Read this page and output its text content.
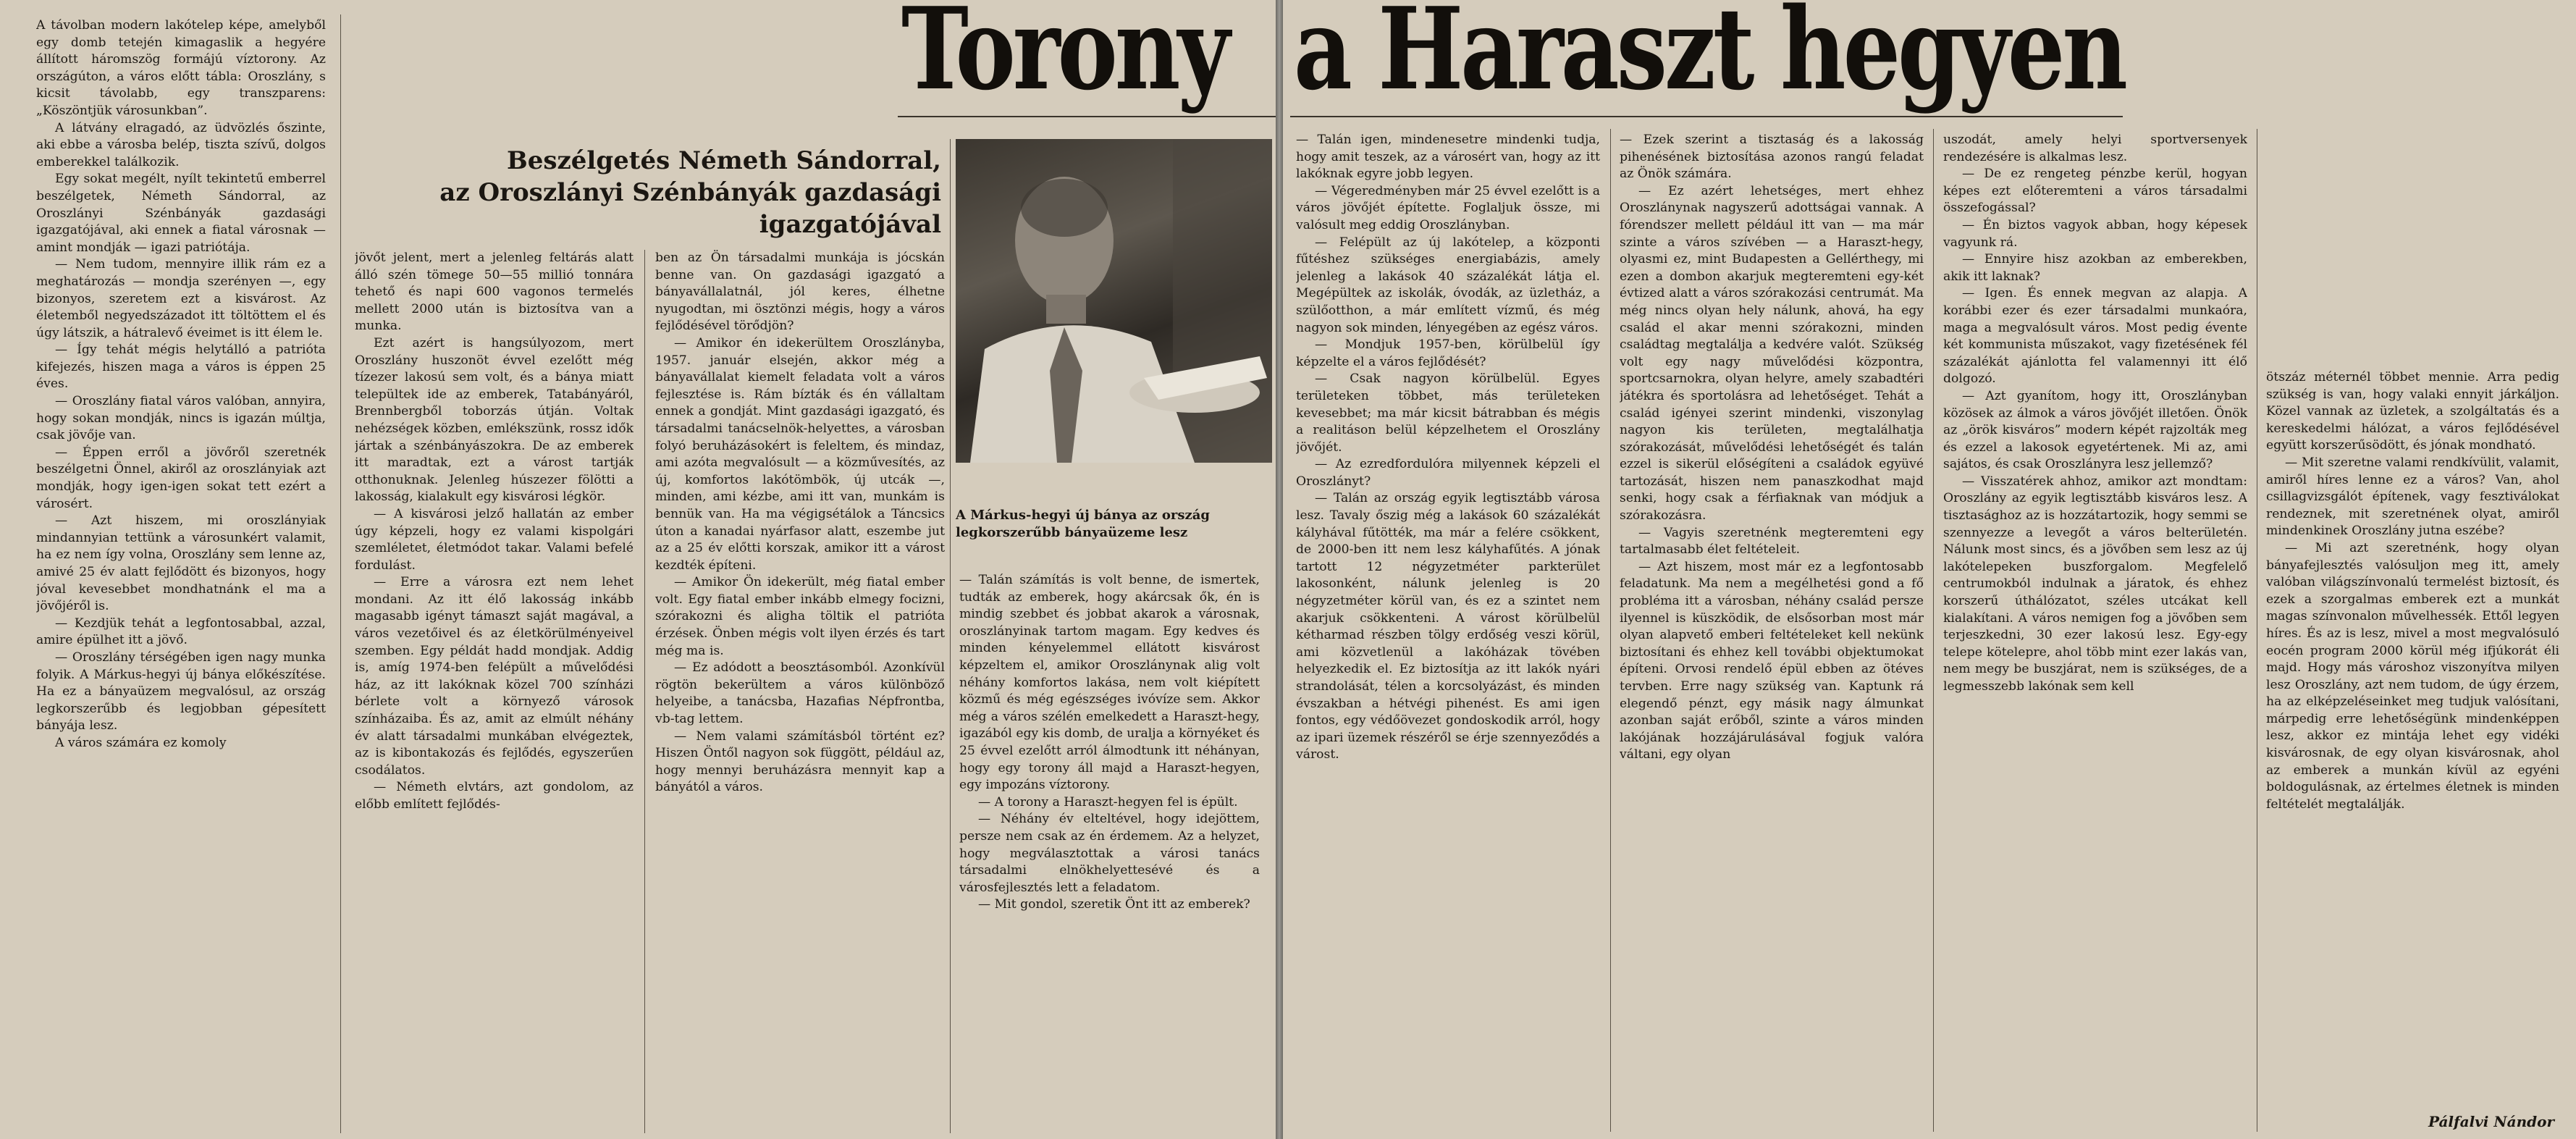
Torony

A távolban modern lakótelep képe, amelyből egy domb tetején kimagaslik a hegyére állított háromszög formájú víztorony. Az országúton, a város előtt tábla: Oroszlány, s kicsit távolabb, egy transzparens: „Köszöntjük városunkban”.

A látvány elragadó, az üdvözlés őszinte, aki ebbe a városba belép, tiszta szívű, dolgos emberekkel találkozik.

Egy sokat megélt, nyílt tekintetű emberrel beszélgetek, Németh Sándorral, az Oroszlányi Szénbányák gazdasági igazgatójával, aki ennek a fiatal városnak — amint mondják — igazi patriótája.

— Nem tudom, mennyire illik rám ez a meghatározás — mondja szerényen —, egy bizonyos, szeretem ezt a kisvárost. Az életemből negyedszázadot itt töltöttem el és úgy látszik, a hátralevő éveimet is itt élem le.

— Így tehát mégis helytálló a patrióta kifejezés, hiszen maga a város is éppen 25 éves.

— Oroszlány fiatal város valóban, annyira, hogy sokan mondják, nincs is igazán múltja, csak jövője van.

— Éppen erről a jövőről szeretnék beszélgetni Önnel, akiről az oroszlányiak azt mondják, hogy igen-igen sokat tett ezért a városért.

— Azt hiszem, mi oroszlányiak mindannyian tettünk a városunkért valamit, ha ez nem így volna, Oroszlány sem lenne az, amivé 25 év alatt fejlődött és bizonyos, hogy jóval kevesebbet mondhatnánk el ma a jövőjéről is.

— Kezdjük tehát a legfontosabbal, azzal, amire épülhet itt a jövő.

— Oroszlány térségében igen nagy munka folyik. A Márkus-hegyi új bánya előkészítése. Ha ez a bányaüzem megvalósul, az ország legkorszerűbb és legjobban gépesített bányája lesz.

A város számára ez komoly

Beszélgetés Németh Sándorral,
az Oroszlányi Szénbányák gazdasági igazgatójával

jövőt jelent, mert a jelenleg feltárás alatt álló szén tömege 50—55 millió tonnára tehető és napi 600 vagonos termelés mellett 2000 után is biztosítva van a munka.

Ezt azért is hangsúlyozom, mert Oroszlány huszonöt évvel ezelőtt még tízezer lakosú sem volt, és a bánya miatt települtek ide az emberek, Tatabányáról, Brennbergből toborzás útján. Voltak nehézségek közben, emlékszünk, rossz idők jártak a szénbányászokra. De az emberek itt maradtak, ezt a várost tartják otthonuknak. Jelenleg húszezer fölötti a lakosság, kialakult egy kisvárosi légkör.

— A kisvárosi jelző hallatán az ember úgy képzeli, hogy ez valami kispolgári szemléletet, életmódot takar. Valami befelé fordulást.

— Erre a városra ezt nem lehet mondani. Az itt élő lakosság inkább magasabb igényt támaszt saját magával, a város vezetőivel és az életkörülményeivel szemben. Egy példát hadd mondjak. Addig is, amíg 1974-ben felépült a művelődési ház, az itt lakóknak közel 700 színházi bérlete volt a környező városok színházaiba. És az, amit az elmúlt néhány év alatt társadalmi munkában elvégeztek, az is kibontakozás és fejlődés, egyszerűen csodálatos.

— Németh elvtárs, azt gondolom, az előbb említett fejlődés-

ben az Ön társadalmi munkája is jócskán benne van. On gazdasági igazgató a bányavállalatnál, jól keres, élhetne nyugodtan, mi ösztönzi mégis, hogy a város fejlődésével törődjön?

— Amikor én idekerültem Oroszlányba, 1957. január elsején, akkor még a bányavállalat kiemelt feladata volt a város fejlesztése is. Rám bízták és én vállaltam ennek a gondját. Mint gazdasági igazgató, és társadalmi tanácselnök-helyettes, a városban folyó beruházásokért is feleltem, és mindaz, ami azóta megvalósult — a közművesítés, az új, komfortos lakótömbök, új utcák —, minden, ami kézbe, ami itt van, munkám is bennük van. Ha ma végigsétálok a Táncsics úton a kanadai nyárfasor alatt, eszembe jut az a 25 év előtti korszak, amikor itt a várost kezdték építeni.

— Amikor Ön idekerült, még fiatal ember volt. Egy fiatal ember inkább elmegy focizni, szórakozni és aligha töltik el patrióta érzések. Önben mégis volt ilyen érzés és tart még ma is.

— Ez adódott a beosztásomból. Azonkívül rögtön bekerültem a város különböző helyeibe, a tanácsba, Hazafias Népfrontba, vb-tag lettem.

— Nem valami számításból történt ez? Hiszen Öntől nagyon sok függött, például az, hogy mennyi beruházásra mennyit kap a bányától a város.

A Márkus-hegyi új bánya az ország legkorszerűbb bányaüzeme lesz

— Talán számítás is volt benne, de ismertek, tudták az emberek, hogy akárcsak ők, én is mindig szebbet és jobbat akarok a városnak, oroszlányinak tartom magam. Egy kedves és minden kényelemmel ellátott kisvárost képzeltem el, amikor Oroszlánynak alig volt néhány komfortos lakása, nem volt kiépített közmű és még egészséges ivóvíze sem. Akkor még a város szélén emelkedett a Haraszt-hegy, igazából egy kis domb, de uralja a környéket és 25 évvel ezelőtt arról álmodtunk itt néhányan, hogy egy torony áll majd a Haraszt-hegyen, egy impozáns víztorony.

— A torony a Haraszt-hegyen fel is épült.

— Néhány év elteltével, hogy idejöttem, persze nem csak az én érdemem. Az a helyzet, hogy megválasztottak a városi tanács társadalmi elnökhelyettesévé és a városfejlesztés lett a feladatom.

— Mit gondol, szeretik Önt itt az emberek?

a Haraszt hegyen

— Talán igen, mindenesetre mindenki tudja, hogy amit teszek, az a városért van, hogy az itt lakóknak egyre jobb legyen.

— Végeredményben már 25 évvel ezelőtt is a város jövőjét építette. Foglaljuk össze, mi valósult meg eddig Oroszlányban.

— Felépült az új lakótelep, a központi fűtéshez szükséges energiabázis, amely jelenleg a lakások 40 százalékát látja el. Megépültek az iskolák, óvodák, az üzletház, a szülőotthon, a már említett vízmű, és még nagyon sok minden, lényegében az egész város.

— Mondjuk 1957-ben, körülbelül így képzelte el a város fejlődését?

— Csak nagyon körülbelül. Egyes területeken többet, más területeken kevesebbet; ma már kicsit bátrabban és mégis a realitáson belül képzelhetem el Oroszlány jövőjét.

— Az ezredfordulóra milyennek képzeli el Oroszlányt?

— Talán az ország egyik legtisztább városa lesz. Tavaly őszig még a lakások 60 százalékát kályhával fűtötték, ma már a felére csökkent, de 2000-ben itt nem lesz kályhafűtés. A jónak tartott 12 négyzetméter parkterület lakosonként, nálunk jelenleg is 20 négyzetméter körül van, és ez a szintet nem akarjuk csökkenteni. A várost körülbelül kétharmad részben tölgy erdőség veszi körül, ami közvetlenül a lakóházak tövében helyezkedik el. Ez biztosítja az itt lakók nyári strandolását, télen a korcsolyázást, és minden évszakban a hétvégi pihenést. Es ami igen fontos, egy védőövezet gondoskodik arról, hogy az ipari üzemek részéről se érje szennyeződés a várost.

— Ezek szerint a tisztaság és a lakosság pihenésének biztosítása azonos rangú feladat az Önök számára.

— Ez azért lehetséges, mert ehhez Oroszlánynak nagyszerű adottságai vannak. A fórendszer mellett például itt van — ma már szinte a város szívében — a Haraszt-hegy, olyasmi ez, mint Budapesten a Gellérthegy, mi ezen a dombon akarjuk megteremteni egy-két évtized alatt a város szórakozási centrumát. Ma még nincs olyan hely nálunk, ahová, ha egy család el akar menni szórakozni, minden családtag megtalálja a kedvére valót. Szükség volt egy nagy művelődési központra, sportcsarnokra, olyan helyre, amely szabadtéri játékra és sportolásra ad lehetőséget. Tehát a család igényei szerint mindenki, viszonylag nagyon kis területen, megtalálhatja szórakozását, művelődési lehetőségét és talán ezzel is sikerül előségíteni a családok együvé tartozását, hiszen nem panaszkodhat majd senki, hogy csak a férfiaknak van módjuk a szórakozásra.

— Vagyis szeretnénk megteremteni egy tartalmasabb élet feltételeit.

— Azt hiszem, most már ez a legfontosabb feladatunk. Ma nem a megélhetési gond a fő probléma itt a városban, néhány család persze ilyennel is küszködik, de elsősorban most már olyan alapvető emberi feltételeket kell nekünk biztosítani és ehhez kell további objektumokat építeni. Orvosi rendelő épül ebben az ötéves tervben. Erre nagy szükség van. Kaptunk rá elegendő pénzt, egy másik nagy álmunkat azonban saját erőből, szinte a város minden lakójának hozzájárulásával fogjuk valóra váltani, egy olyan

uszodát, amely helyi sportversenyek rendezésére is alkalmas lesz.

— De ez rengeteg pénzbe kerül, hogyan képes ezt előteremteni a város társadalmi összefogással?

— Én biztos vagyok abban, hogy képesek vagyunk rá.

— Ennyire hisz azokban az emberekben, akik itt laknak?

— Igen. És ennek megvan az alapja. A korábbi ezer és ezer társadalmi munkaóra, maga a megvalósult város. Most pedig évente két kommunista műszakot, vagy fizetésének fél százalékát ajánlotta fel valamennyi itt élő dolgozó.

— Azt gyanítom, hogy itt, Oroszlányban közösek az álmok a város jövőjét illetően. Önök az „örök kisváros” modern képét rajzolták meg és ezzel a lakosok egyetértenek. Mi az, ami sajátos, és csak Oroszlányra lesz jellemző?

— Visszatérek ahhoz, amikor azt mondtam: Oroszlány az egyik legtisztább kisváros lesz. A tisztasághoz az is hozzátartozik, hogy semmi se szennyezze a levegőt a város belterületén. Nálunk most sincs, és a jövőben sem lesz az új lakótelepeken buszforgalom. Megfelelő centrumokból indulnak a járatok, és ehhez korszerű úthálózatot, széles utcákat kell kialakítani. A város nemigen fog a jövőben sem terjeszkedni, 30 ezer lakosú lesz. Egy-egy telepe kötelepre, ahol több mint ezer lakás van, nem megy be buszjárat, nem is szükséges, de a legmesszebb lakónak sem kell

ötszáz méternél többet mennie. Arra pedig szükség is van, hogy valaki ennyit járkáljon. Közel vannak az üzletek, a szolgáltatás és a kereskedelmi hálózat, a város fejlődésével együtt korszerűsödött, és jónak mondható.

— Mit szeretne valami rendkívülit, valamit, amiről híres lenne ez a város? Van, ahol csillagvizsgálót építenek, vagy fesztiválokat rendeznek, mit szeretnének olyat, amiről mindenkinek Oroszlány jutna eszébe?

— Mi azt szeretnénk, hogy olyan bányafejlesztés valósuljon meg itt, amely valóban világszínvonalú termelést biztosít, és ezek a szorgalmas emberek ezt a munkát magas színvonalon művelhessék. Ettől legyen híres. És az is lesz, mivel a most megvalósuló eocén program 2000 körül még ifjúkorát éli majd. Hogy más városhoz viszonyítva milyen lesz Oroszlány, azt nem tudom, de úgy érzem, ha az elképzeléseinket meg tudjuk valósítani, márpedig erre lehetőségünk mindenképpen lesz, akkor ez mintája lehet egy vidéki kisvárosnak, de egy olyan kisvárosnak, ahol az emberek a munkán kívül az egyéni boldogulásnak, az értelmes életnek is minden feltételét megtalálják.

Pálfalvi Nándor
